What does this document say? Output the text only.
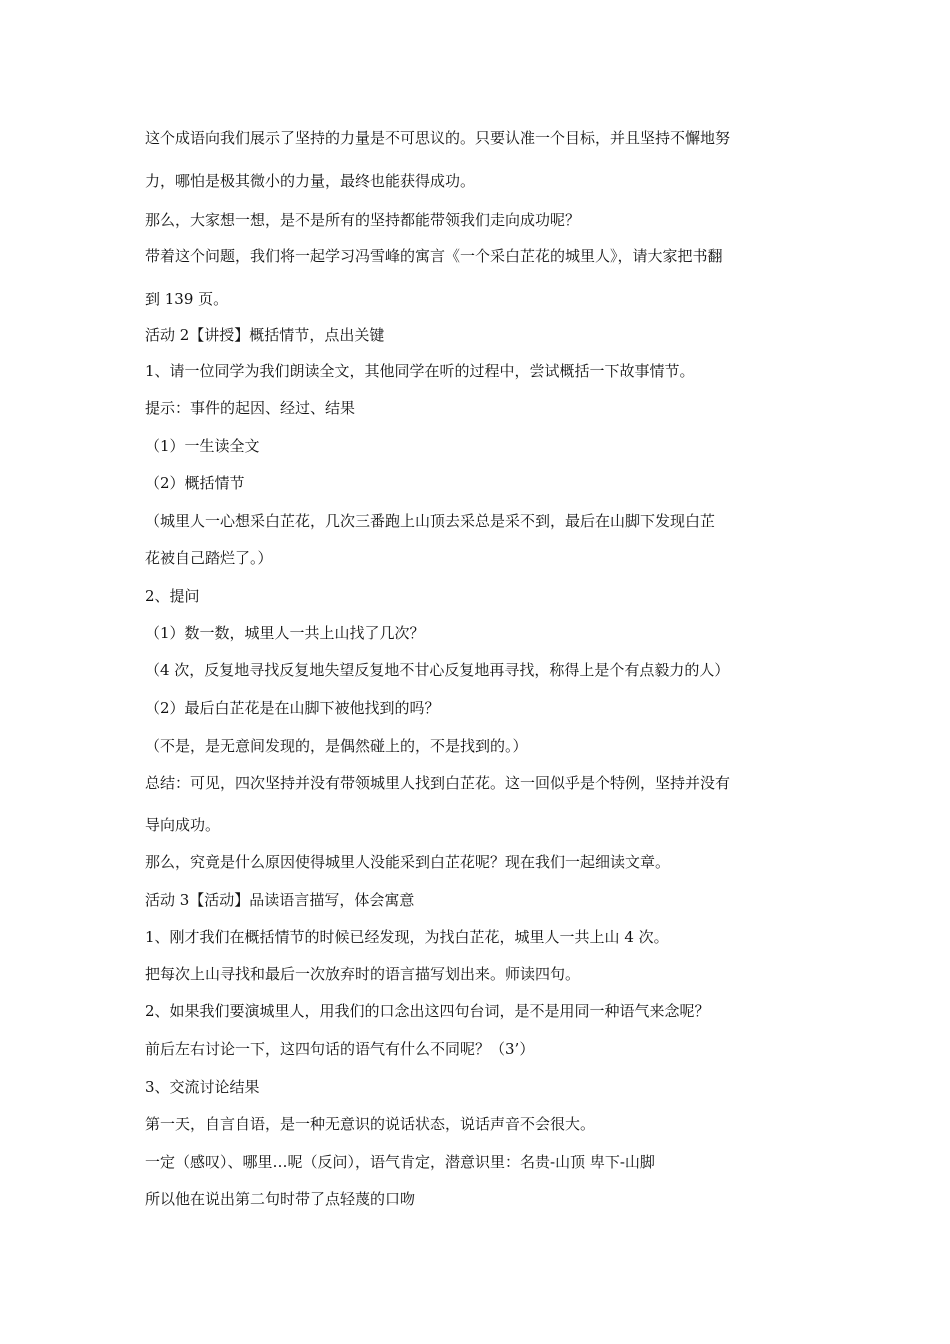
这个成语向我们展示了坚持的力量是不可思议的。只要认准一个目标，并且坚持不懈地努

力，哪怕是极其微小的力量，最终也能获得成功。

那么，大家想一想，是不是所有的坚持都能带领我们走向成功呢？

带着这个问题，我们将一起学习冯雪峰的寓言《一个采白芷花的城里人》，请大家把书翻

到 139 页。

活动 2【讲授】概括情节，点出关键

1、请一位同学为我们朗读全文，其他同学在听的过程中，尝试概括一下故事情节。

提示：事件的起因、经过、结果

（1）一生读全文

（2）概括情节

（城里人一心想采白芷花，几次三番跑上山顶去采总是采不到，最后在山脚下发现白芷

花被自己踏烂了。）

2、提问

（1）数一数，城里人一共上山找了几次？

（4 次，反复地寻找反复地失望反复地不甘心反复地再寻找，称得上是个有点毅力的人）

（2）最后白芷花是在山脚下被他找到的吗？

（不是，是无意间发现的，是偶然碰上的，不是找到的。）

总结：可见，四次坚持并没有带领城里人找到白芷花。这一回似乎是个特例，坚持并没有

导向成功。

那么，究竟是什么原因使得城里人没能采到白芷花呢？现在我们一起细读文章。

活动 3【活动】品读语言描写，体会寓意

1、刚才我们在概括情节的时候已经发现，为找白芷花，城里人一共上山 4 次。

把每次上山寻找和最后一次放弃时的语言描写划出来。师读四句。

2、如果我们要演城里人，用我们的口念出这四句台词，是不是用同一种语气来念呢？

前后左右讨论一下，这四句话的语气有什么不同呢？（3’）

3、交流讨论结果

第一天，自言自语，是一种无意识的说话状态，说话声音不会很大。

一定（感叹）、哪里…呢（反问），语气肯定，潜意识里：名贵-山顶 卑下-山脚

所以他在说出第二句时带了点轻蔑的口吻
